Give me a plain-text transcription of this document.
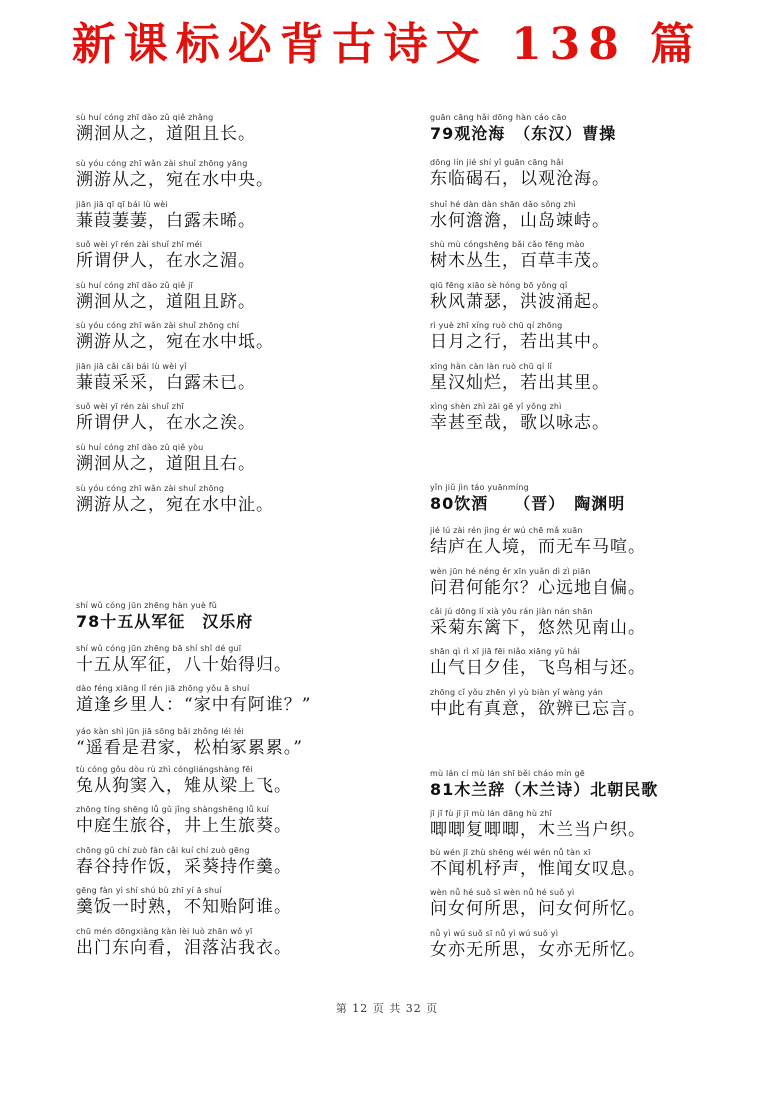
新课标必背古诗文 138 篇
sù huí cóng zhī dào zǔ qiě zhǎng
溯洄从之，道阻且长。
sù yóu cóng zhī wǎn zài shuǐ zhōng yāng
溯游从之，宛在水中央。
jiān jiā qī qī bái lù wèi
蒹葭萋萋，白露未晞。
suǒ wèi yī rén zài shuǐ zhī méi
所谓伊人，在水之湄。
sù huí cóng zhī dào zǔ qiě jī
溯洄从之，道阻且跻。
sù yóu cóng zhī wǎn zài shuǐ zhōng chí
溯游从之，宛在水中坻。
jiān jiā cǎi cǎi bái lù wèi yǐ
蒹葭采采，白露未已。
suǒ wèi yī rén zài shuǐ zhī
所谓伊人，在水之涘。
sù huí cóng zhī dào zǔ qiě yòu
溯洄从之，道阻且右。
sù yóu cóng zhī wǎn zài shuǐ zhōng
溯游从之，宛在水中沚。
shí wǔ cóng jūn zhēng hàn yuè fǔ
78十五从军征　汉乐府
shí wǔ cóng jūn zhēng bā shí shǐ dé guī
十五从军征，八十始得归。
dào féng xiāng lǐ rén jiā zhōng yǒu ā shuí
道逢乡里人：“家中有阿谁？”
yáo kàn shì jūn jiā sōng bǎi zhǒng léi léi
“遥看是君家，松柏冢累累。”
tù cóng gǒu dòu rù zhì cóngliángshàng fēi
兔从狗窦入，雉从梁上飞。
zhōng tíng shēng lǚ gǔ jǐng shàngshēng lǚ kuí
中庭生旅谷，井上生旅葵。
chōng gǔ chí zuò fàn cǎi kuí chí zuò gēng
舂谷持作饭，采葵持作羹。
gēng fàn yì shí shú bù zhī yí ā shuí
羹饭一时熟，不知贻阿谁。
chū mén dōngxiàng kàn lèi luò zhān wǒ yī
出门东向看，泪落沾我衣。
guān cāng hǎi dōng hàn cáo cāo
79观沧海　（东汉）曹操
dōng lín jié shí yǐ guān cāng hǎi
东临碣石，以观沧海。
shuǐ hé dàn dàn shān dǎo sǒng zhì
水何澹澹，山岛竦峙。
shù mù cóngshēng bǎi cǎo fēng mào
树木丛生，百草丰茂。
qiū fēng xiāo sè hóng bō yǒng qǐ
秋风萧瑟，洪波涌起。
rì yuè zhī xíng ruò chū qí zhōng
日月之行，若出其中。
xīng hàn càn làn ruò chū qí lǐ
星汉灿烂，若出其里。
xìng shèn zhì zāi gē yǐ yǒng zhì
幸甚至哉，歌以咏志。
yǐn jiǔ jìn táo yuānmíng
80饮酒　　（晋）　陶渊明
jié lú zài rén jìng ér wú chē mǎ xuān
结庐在人境，而无车马喧。
wèn jūn hé néng ěr xīn yuǎn dì zì piān
问君何能尔？心远地自偏。
cǎi jú dōng lí xià yōu rán jiàn nán shān
采菊东篱下，悠然见南山。
shān qì rì xī jiā fēi niǎo xiāng yǔ hái
山气日夕佳，飞鸟相与还。
zhōng cǐ yǒu zhēn yì yù biàn yǐ wàng yán
中此有真意，欲辨已忘言。
mù lán cí mù lán shī běi cháo mín gē
81木兰辞（木兰诗）北朝民歌
jī jī fù jī jī mù lán dāng hù zhī
唧唧复唧唧，木兰当户织。
bù wén jī zhù shēng wéi wén nǚ tàn xī
不闻机杼声，惟闻女叹息。
wèn nǚ hé suǒ sī wèn nǚ hé suǒ yì
问女何所思，问女何所忆。
nǚ yì wú suǒ sī nǚ yì wú suǒ yì
女亦无所思，女亦无所忆。
第 12 页 共 32 页
